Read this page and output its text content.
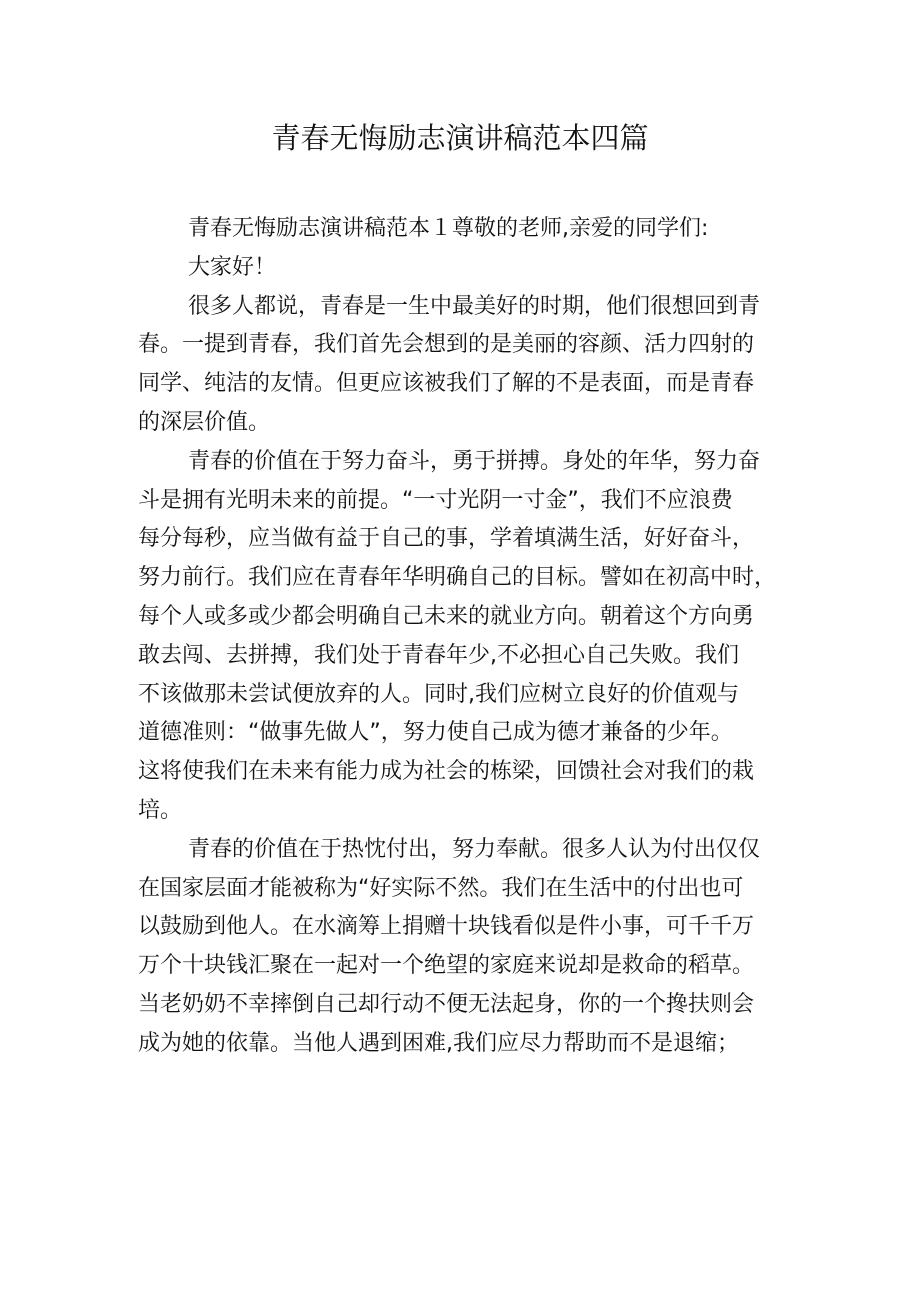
青春无悔励志演讲稿范本四篇
青春无悔励志演讲稿范本１尊敬的老师,亲爱的同学们:
大家好！
很多人都说，青春是一生中最美好的时期，他们很想回到青
春。一提到青春，我们首先会想到的是美丽的容颜、活力四射的
同学、纯洁的友情。但更应该被我们了解的不是表面，而是青春
的深层价值。
青春的价值在于努力奋斗，勇于拼搏。身处的年华，努力奋
斗是拥有光明未来的前提。“一寸光阴一寸金”，我们不应浪费
每分每秒，应当做有益于自己的事，学着填满生活，好好奋斗，
努力前行。我们应在青春年华明确自己的目标。譬如在初高中时，
每个人或多或少都会明确自己未来的就业方向。朝着这个方向勇
敢去闯、去拼搏，我们处于青春年少,不必担心自己失败。我们
不该做那未尝试便放弃的人。同时,我们应树立良好的价值观与
道德准则：“做事先做人”，努力使自己成为德才兼备的少年。
这将使我们在未来有能力成为社会的栋梁，回馈社会对我们的栽
培。
青春的价值在于热忱付出，努力奉献。很多人认为付出仅仅
在国家层面才能被称为“好实际不然。我们在生活中的付出也可
以鼓励到他人。在水滴筹上捐赠十块钱看似是件小事，可千千万
万个十块钱汇聚在一起对一个绝望的家庭来说却是救命的稻草。
当老奶奶不幸摔倒自己却行动不便无法起身，你的一个搀扶则会
成为她的依靠。当他人遇到困难,我们应尽力帮助而不是退缩；
